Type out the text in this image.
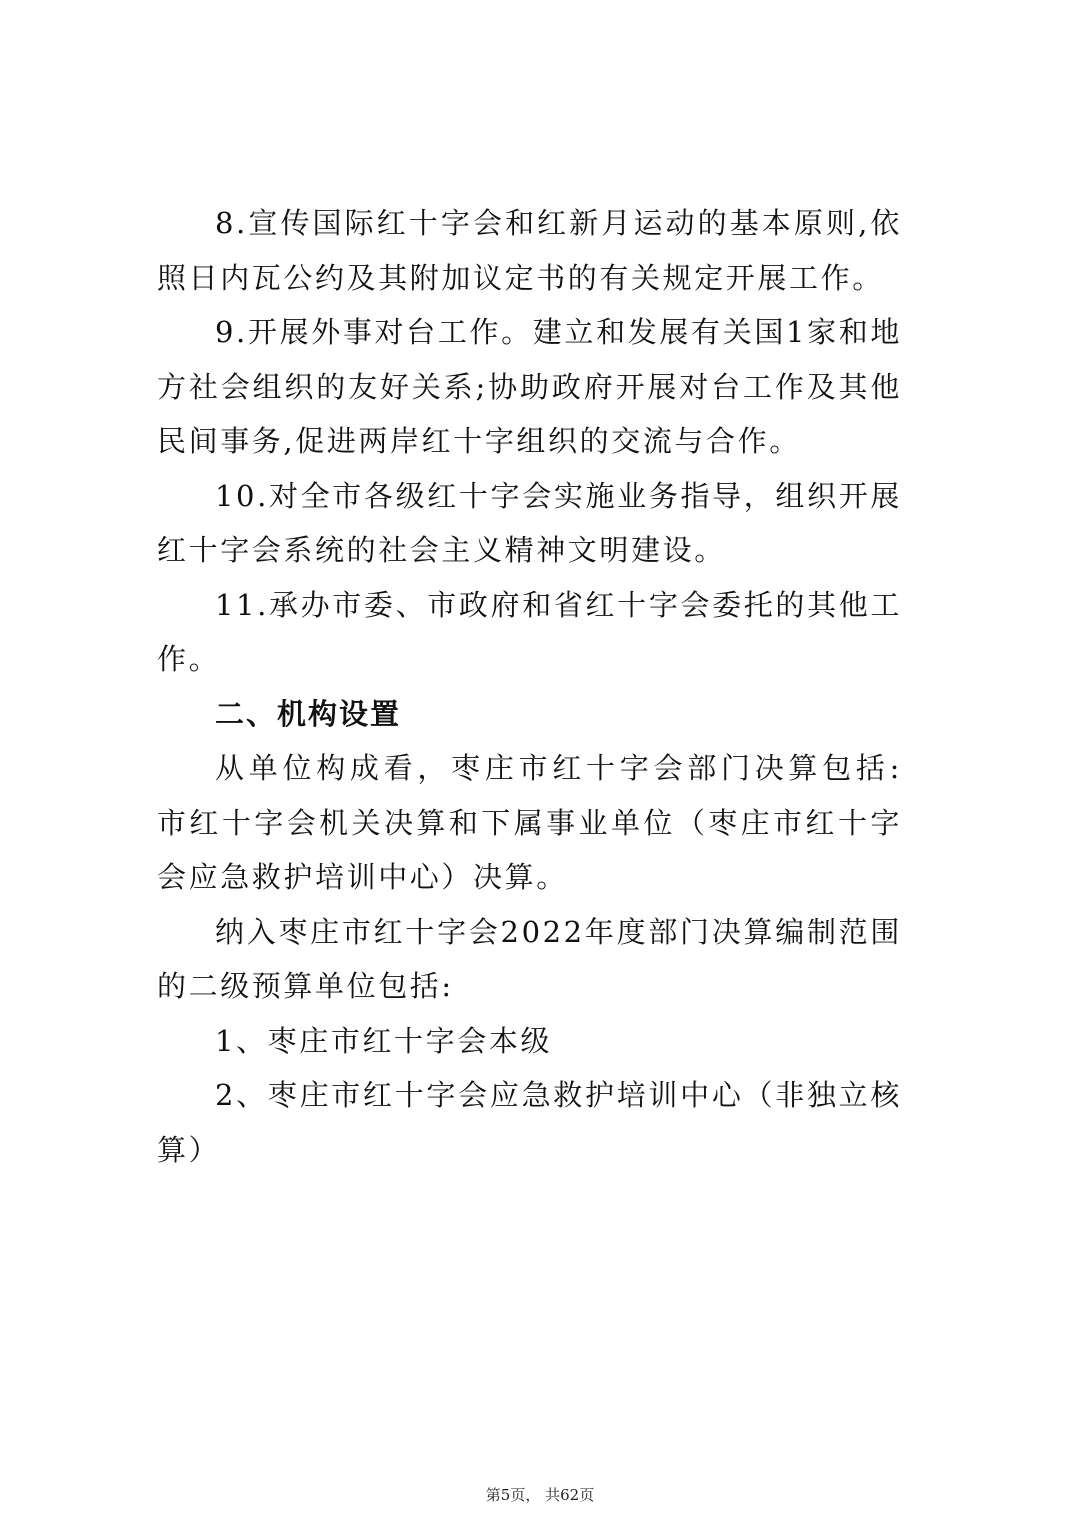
8.宣传国际红十字会和红新月运动的基本原则,依照日内瓦公约及其附加议定书的有关规定开展工作。

9.开展外事对台工作。建立和发展有关国1家和地方社会组织的友好关系;协助政府开展对台工作及其他民间事务,促进两岸红十字组织的交流与合作。

10.对全市各级红十字会实施业务指导，组织开展红十字会系统的社会主义精神文明建设。

11.承办市委、市政府和省红十字会委托的其他工作。

二、机构设置

从单位构成看，枣庄市红十字会部门决算包括: 市红十字会机关决算和下属事业单位（枣庄市红十字会应急救护培训中心）决算。

纳入枣庄市红十字会2022年度部门决算编制范围的二级预算单位包括:

1、枣庄市红十字会本级

2、枣庄市红十字会应急救护培训中心（非独立核算）

第5页， 共62页
